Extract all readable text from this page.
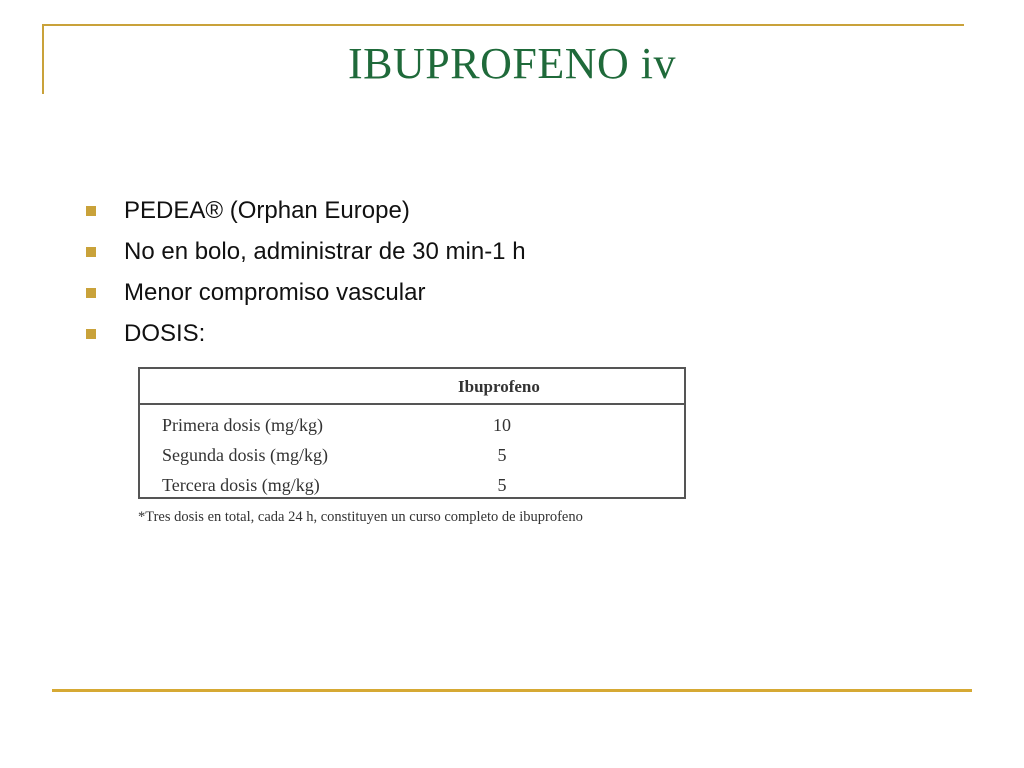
IBUPROFENO iv
PEDEA® (Orphan Europe)
No en bolo, administrar de 30 min-1 h
Menor compromiso vascular
DOSIS:
Ibuprofeno
Primera dosis (mg/kg)	10
Segunda dosis (mg/kg)	5
Tercera dosis (mg/kg)	5
*Tres dosis en total, cada 24 h, constituyen un curso completo de ibuprofeno
